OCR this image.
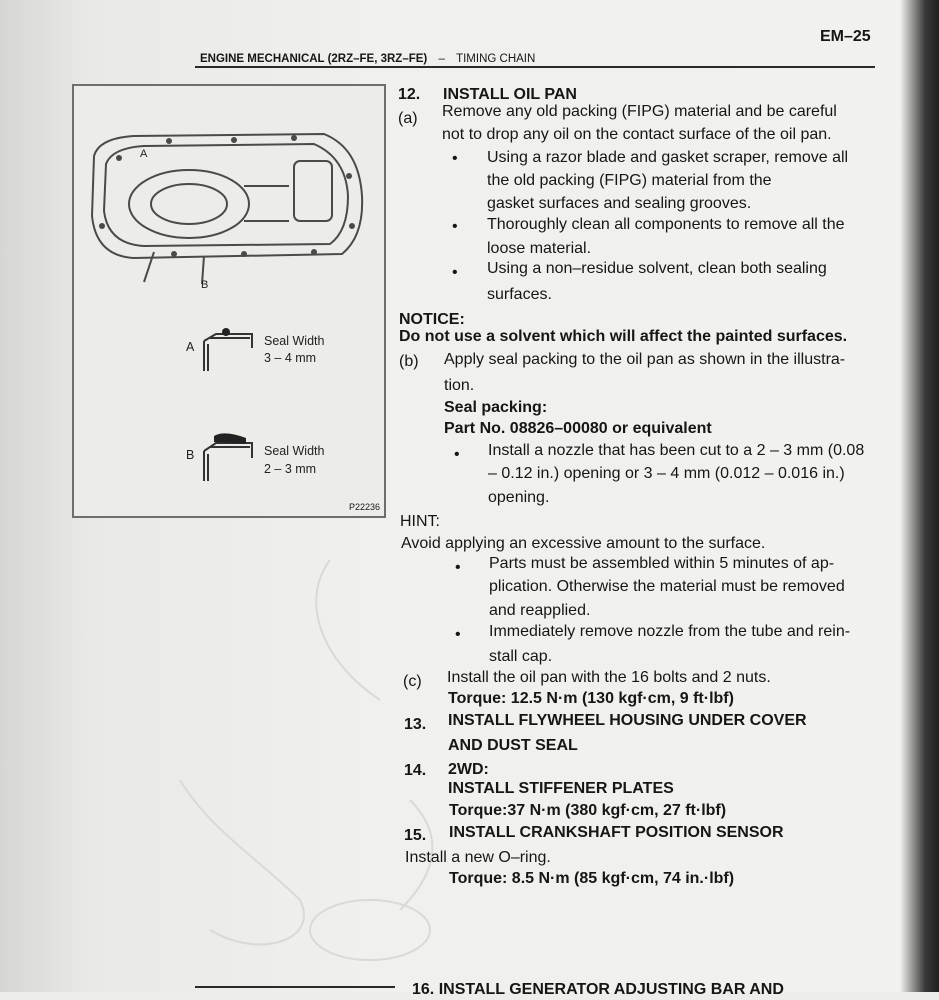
EM–25
ENGINE MECHANICAL (2RZ–FE, 3RZ–FE) – TIMING CHAIN
A
B
A	Seal Width
3 – 4 mm
B	Seal Width
2 – 3 mm
P22236
12. INSTALL OIL PAN
(a) Remove any old packing (FIPG) material and be careful
not to drop any oil on the contact surface of the oil pan.
• Using a razor blade and gasket scraper, remove all
the old packing (FIPG) material from the
gasket surfaces and sealing grooves.
• Thoroughly clean all components to remove all the
loose material.
• Using a non–residue solvent, clean both sealing
surfaces.
NOTICE:
Do not use a solvent which will affect the painted surfaces.
(b) Apply seal packing to the oil pan as shown in the illustra-
tion.
Seal packing:
Part No. 08826–00080 or equivalent
• Install a nozzle that has been cut to a 2 – 3 mm (0.08
– 0.12 in.) opening or 3 – 4 mm (0.012 – 0.016 in.)
opening.
HINT:
Avoid applying an excessive amount to the surface.
• Parts must be assembled within 5 minutes of ap-
plication. Otherwise the material must be removed
and reapplied.
• Immediately remove nozzle from the tube and rein-
stall cap.
(c) Install the oil pan with the 16 bolts and 2 nuts.
Torque: 12.5 N·m (130 kgf·cm, 9 ft·lbf)
13. INSTALL FLYWHEEL HOUSING UNDER COVER
AND DUST SEAL
14. 2WD:
INSTALL STIFFENER PLATES
Torque:37 N·m (380 kgf·cm, 27 ft·lbf)
15. INSTALL CRANKSHAFT POSITION SENSOR
Install a new O–ring.
Torque: 8.5 N·m (85 kgf·cm, 74 in.·lbf)
16. INSTALL GENERATOR ADJUSTING BAR AND
